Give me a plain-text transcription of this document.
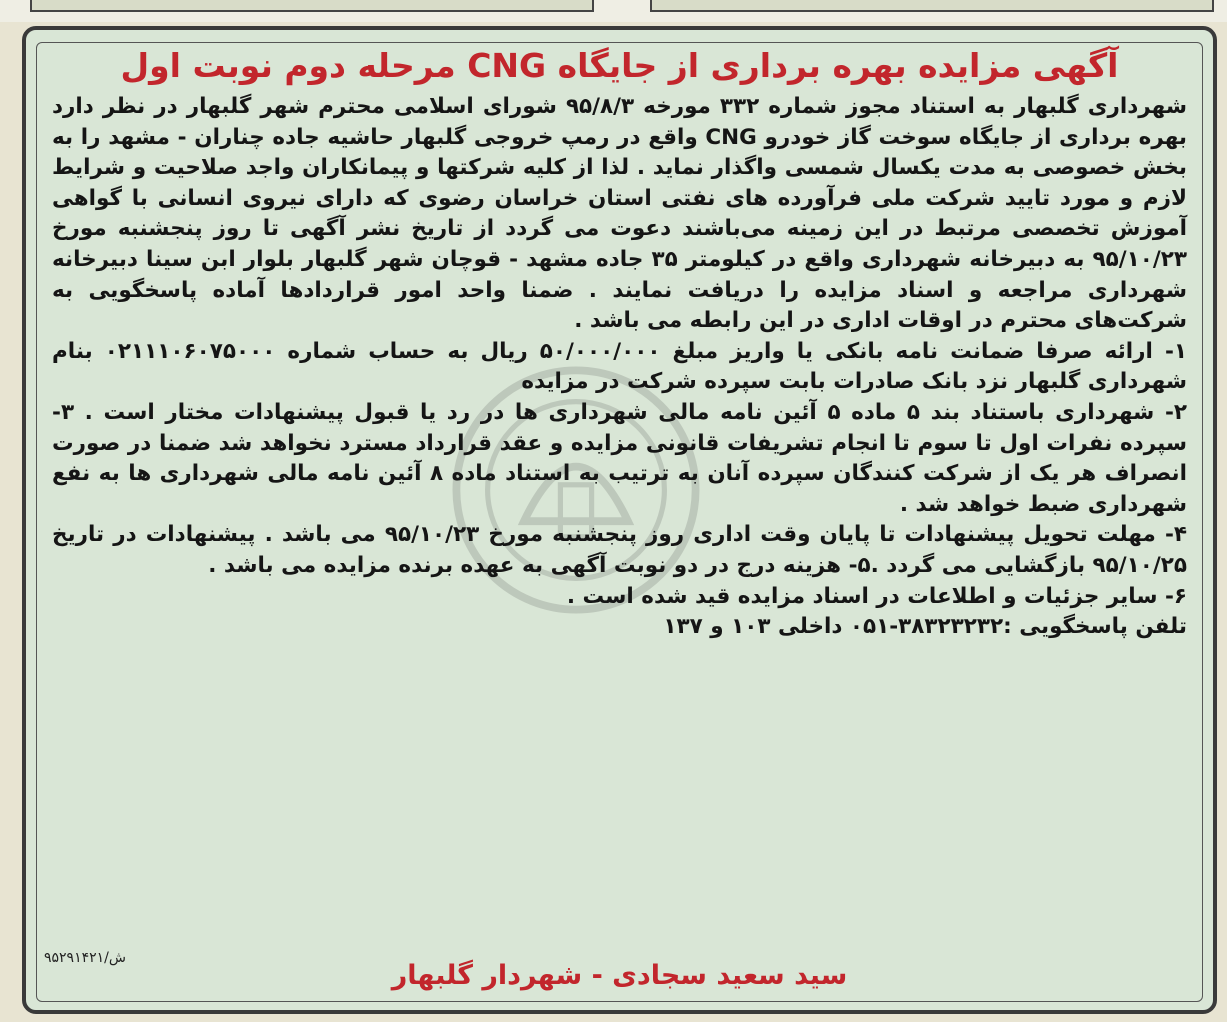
آگهی مزایده بهره برداری از جایگاه CNG مرحله دوم نوبت اول

شهرداری گلبهار به استناد مجوز شماره ۳۳۲ مورخه ۹۵/۸/۳ شورای اسلامی محترم شهر گلبهار در نظر دارد بهره برداری از جایگاه سوخت گاز خودرو CNG واقع در رمپ خروجی گلبهار حاشیه جاده چناران - مشهد را به بخش خصوصی به مدت یکسال شمسی واگذار نماید . لذا از کلیه شرکتها و پیمانکاران واجد صلاحیت و شرایط لازم و مورد تایید شرکت ملی فرآورده های نفتی استان خراسان رضوی که دارای نیروی انسانی با گواهی آموزش تخصصی مرتبط در این زمینه می‌باشند دعوت می گردد از تاریخ نشر آگهی تا روز پنجشنبه مورخ ۹۵/۱۰/۲۳ به دبیرخانه شهرداری واقع در کیلومتر ۳۵ جاده مشهد - قوچان شهر گلبهار بلوار ابن سینا دبیرخانه شهرداری مراجعه و اسناد مزایده را دریافت نمایند . ضمنا واحد امور قراردادها آماده پاسخگویی به شرکت‌های محترم در اوقات اداری در این رابطه می باشد .

۱- ارائه صرفا ضمانت نامه بانکی یا واریز مبلغ ۵۰/۰۰۰/۰۰۰ ریال به حساب شماره ۰۲۱۱۱۰۶۰۷۵۰۰۰ بنام شهرداری گلبهار نزد بانک صادرات بابت سپرده شرکت در مزایده

۲- شهرداری باستناد بند ۵ ماده ۵ آئین نامه مالی شهرداری ها در رد یا قبول پیشنهادات مختار است . ۳- سپرده نفرات اول تا سوم تا انجام تشریفات قانونی مزایده و عقد قرارداد مسترد نخواهد شد ضمنا در صورت انصراف هر یک از شرکت کنندگان سپرده آنان به ترتیب به استناد ماده ۸ آئین نامه مالی شهرداری ها به نفع شهرداری ضبط خواهد شد .

۴- مهلت تحویل پیشنهادات تا پایان وقت اداری روز پنجشنبه مورخ ۹۵/۱۰/۲۳ می باشد . پیشنهادات در تاریخ ۹۵/۱۰/۲۵ بازگشایی می گردد .۵- هزینه درج در دو نوبت آگهی به عهده برنده مزایده می باشد .

۶- سایر جزئیات و اطلاعات در اسناد مزایده قید شده است .

تلفن پاسخگویی :۳۸۳۲۳۲۳۲-۰۵۱ داخلی ۱۰۳ و ۱۳۷

۹۵۲۹۱۴۲۱/ش
سید سعید سجادی - شهردار گلبهار
